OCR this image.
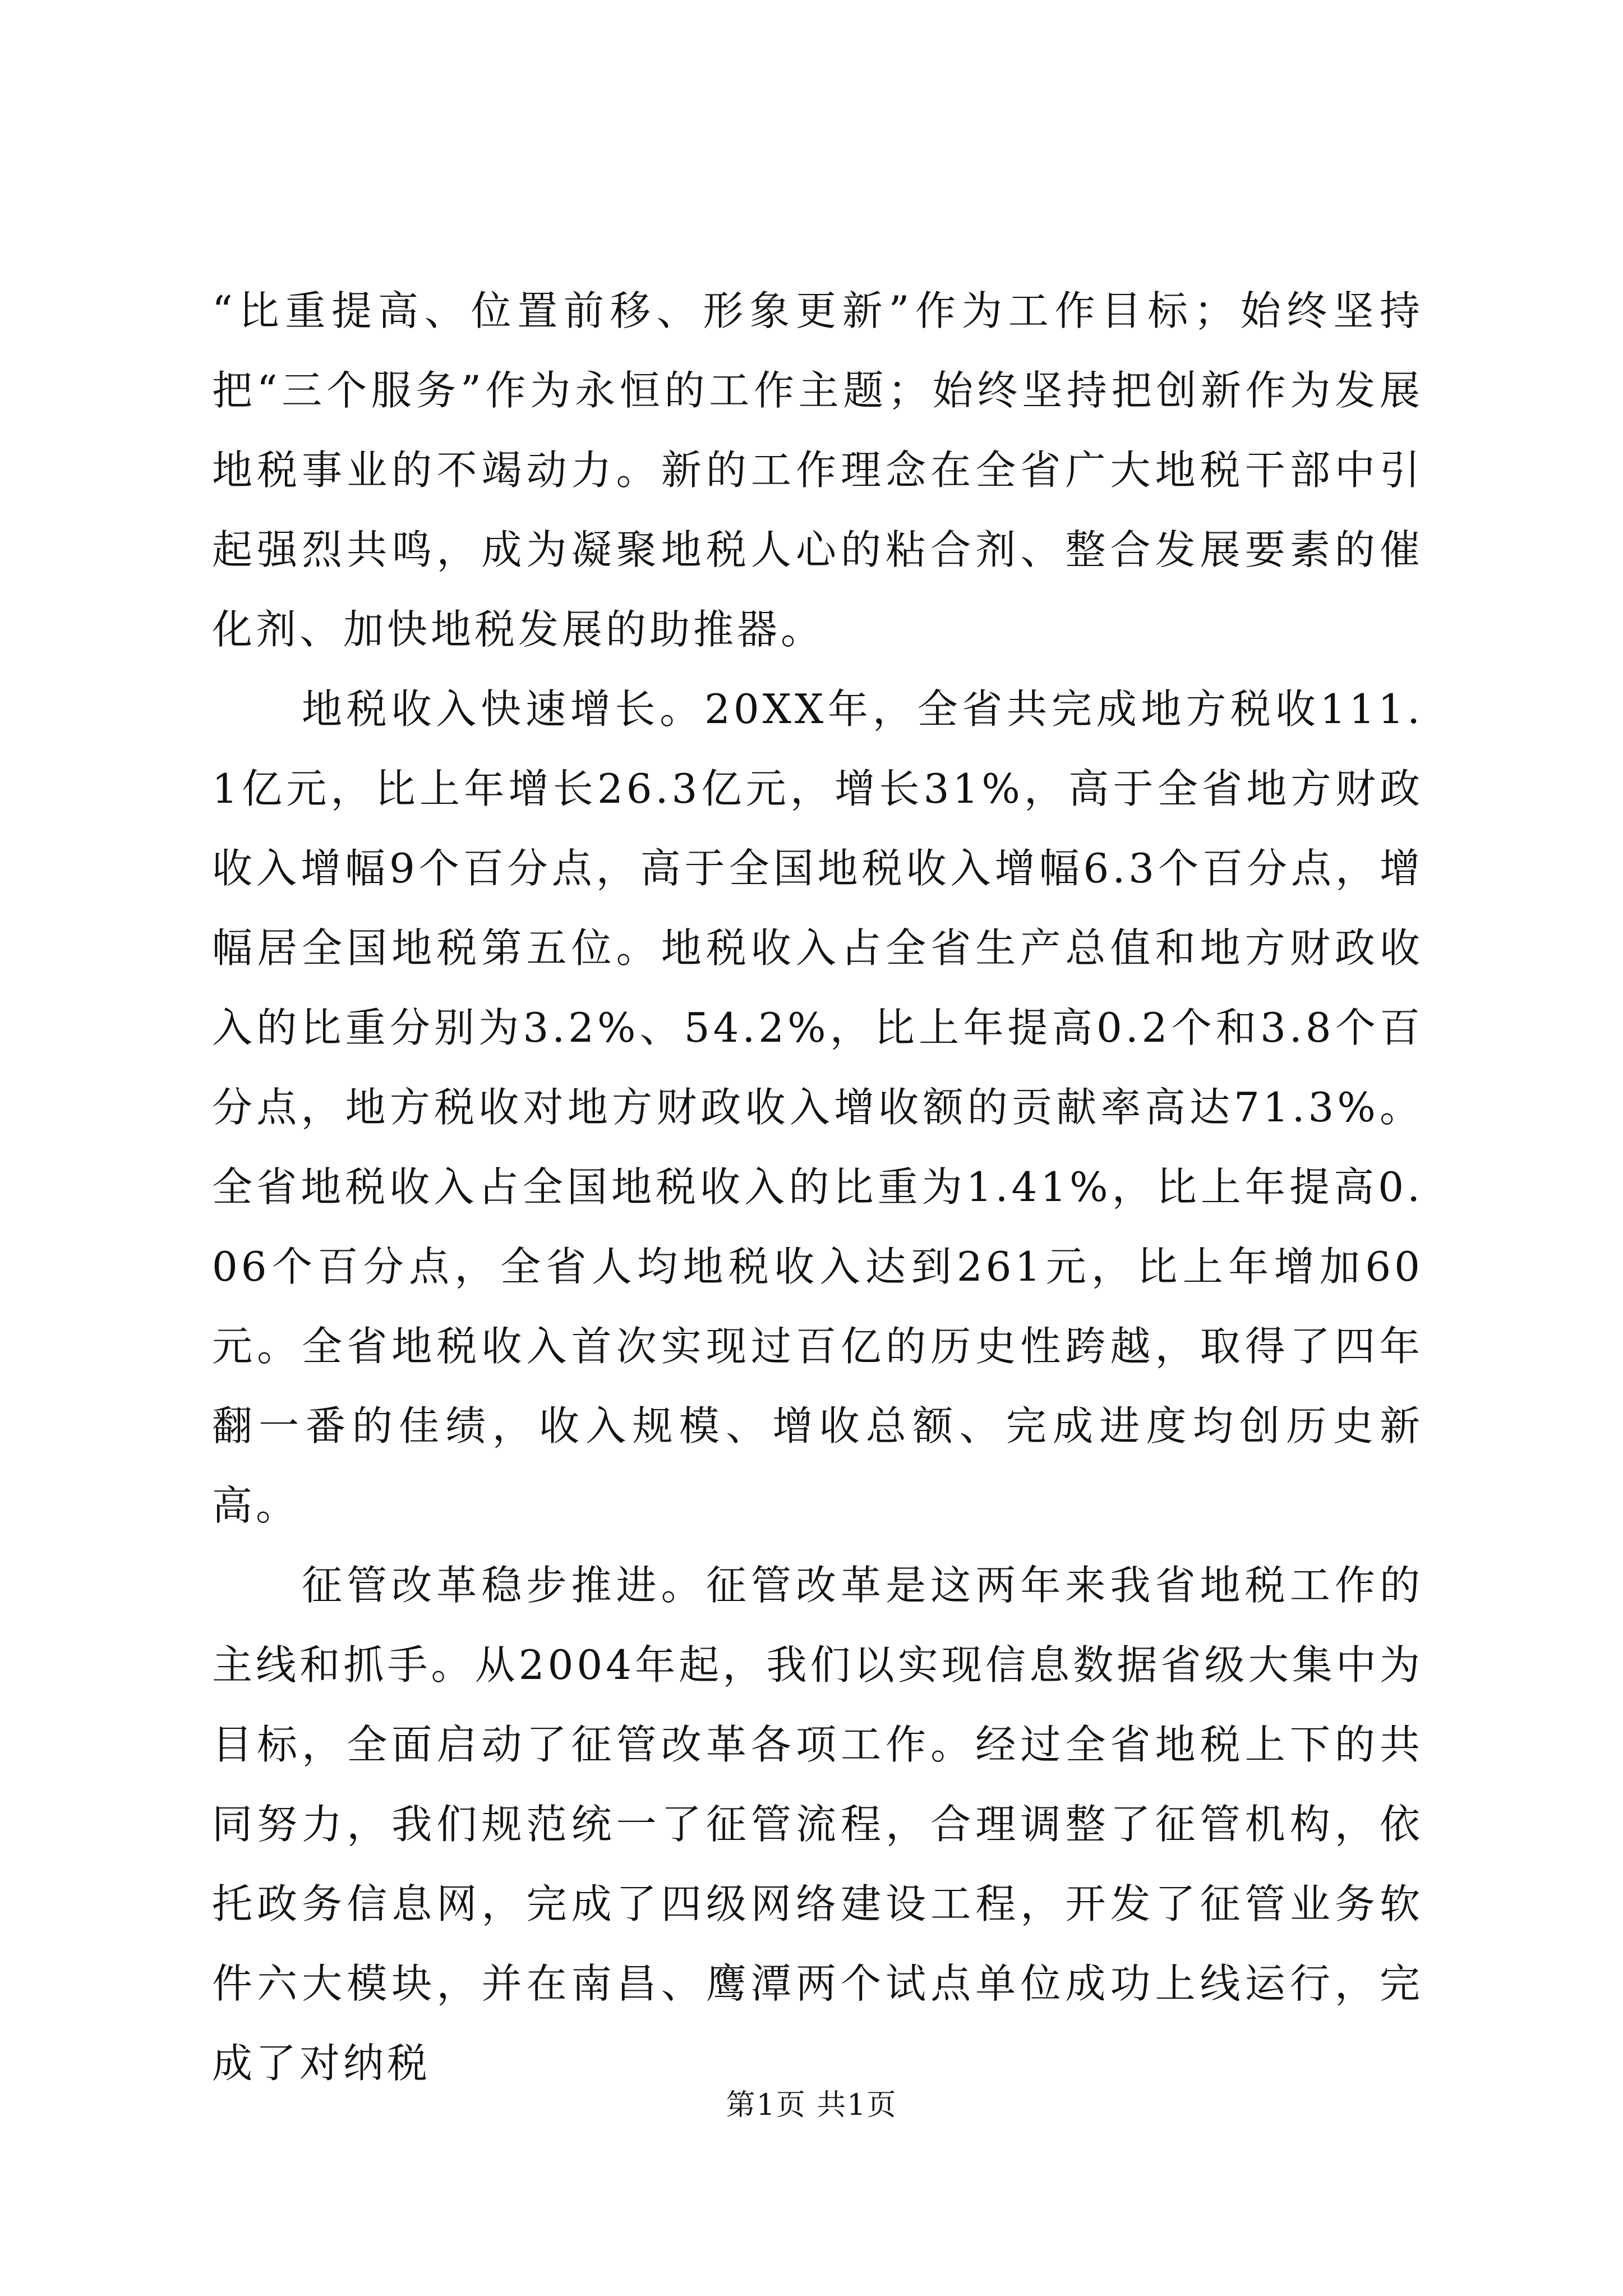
“比重提高、位置前移、形象更新”作为工作目标；始终坚持把“三个服务”作为永恒的工作主题；始终坚持把创新作为发展地税事业的不竭动力。新的工作理念在全省广大地税干部中引起强烈共鸣，成为凝聚地税人心的粘合剂、整合发展要素的催化剂、加快地税发展的助推器。

地税收入快速增长。20XX年，全省共完成地方税收111.1亿元，比上年增长26.3亿元，增长31%，高于全省地方财政收入增幅9个百分点，高于全国地税收入增幅6.3个百分点，增幅居全国地税第五位。地税收入占全省生产总值和地方财政收入的比重分别为3.2%、54.2%，比上年提高0.2个和3.8个百分点，地方税收对地方财政收入增收额的贡献率高达71.3%。全省地税收入占全国地税收入的比重为1.41%，比上年提高0.06个百分点，全省人均地税收入达到261元，比上年增加60元。全省地税收入首次实现过百亿的历史性跨越，取得了四年翻一番的佳绩，收入规模、增收总额、完成进度均创历史新高。

征管改革稳步推进。征管改革是这两年来我省地税工作的主线和抓手。从2004年起，我们以实现信息数据省级大集中为目标，全面启动了征管改革各项工作。经过全省地税上下的共同努力，我们规范统一了征管流程，合理调整了征管机构，依托政务信息网，完成了四级网络建设工程，开发了征管业务软件六大模块，并在南昌、鹰潭两个试点单位成功上线运行，完成了对纳税

第1页 共1页
